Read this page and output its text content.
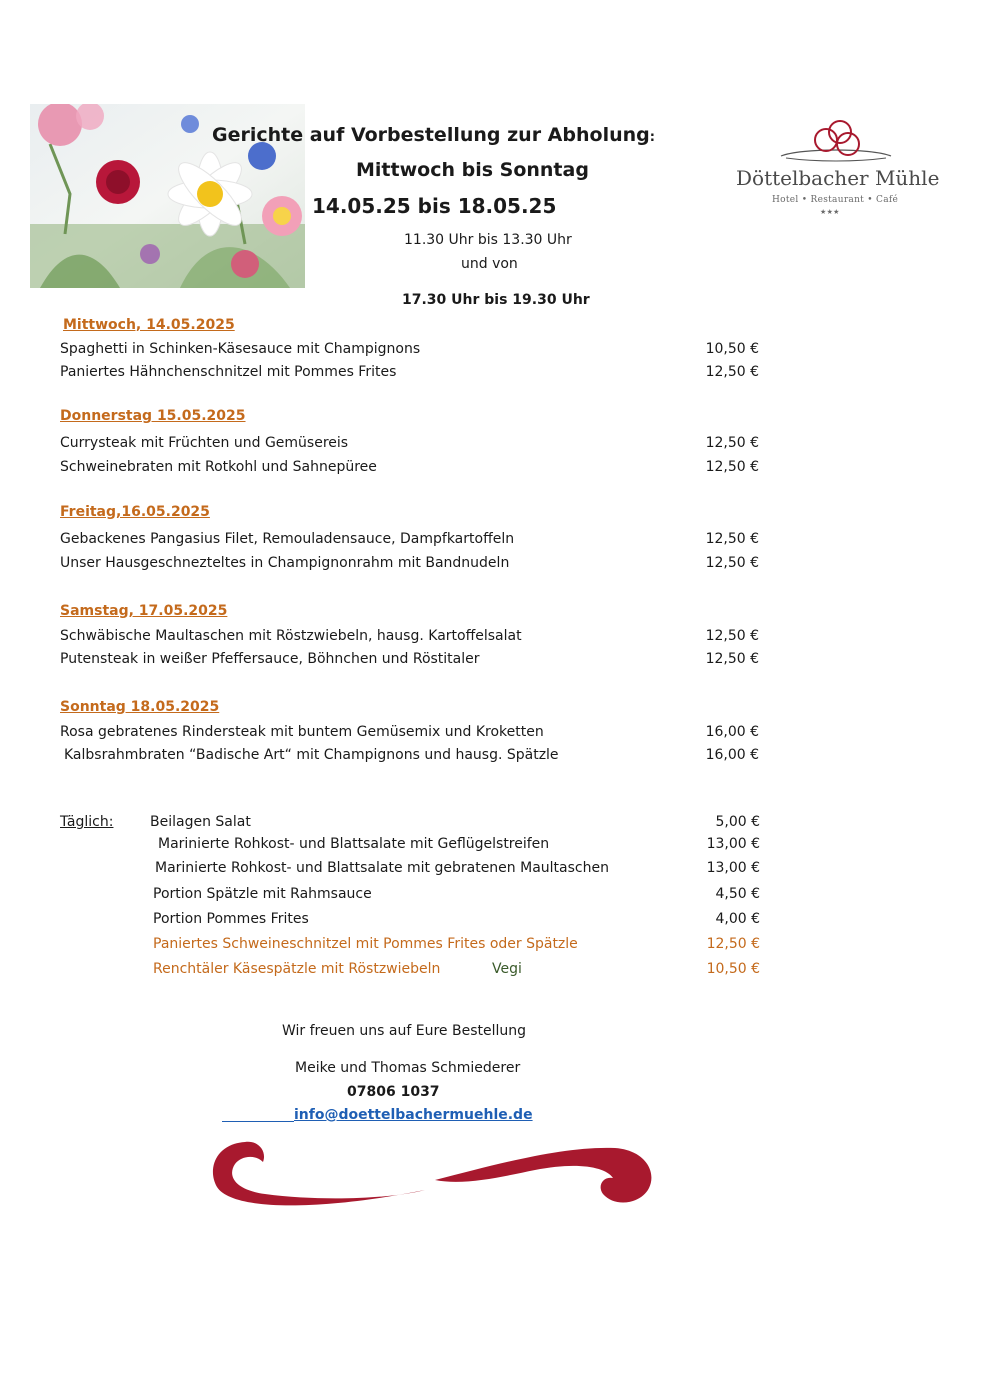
Gerichte auf Vorbestellung zur Abholung:
Mittwoch bis Sonntag
14.05.25 bis 18.05.25
11.30 Uhr bis 13.30 Uhr
und von
17.30 Uhr bis 19.30 Uhr
Döttelbacher Mühle
Hotel • Restaurant • Café
★★★
Mittwoch, 14.05.2025
Spaghetti in Schinken-Käsesauce mit Champignons	10,50 €
Paniertes Hähnchenschnitzel mit Pommes Frites	12,50 €
Donnerstag 15.05.2025
Currysteak mit Früchten und Gemüsereis	12,50 €
Schweinebraten mit Rotkohl und Sahnepüree	12,50 €
Freitag,16.05.2025
Gebackenes Pangasius Filet, Remouladensauce, Dampfkartoffeln	12,50 €
Unser Hausgeschnezteltes in Champignonrahm mit Bandnudeln	12,50 €
Samstag, 17.05.2025
Schwäbische Maultaschen mit Röstzwiebeln, hausg. Kartoffelsalat	12,50 €
Putensteak in weißer Pfeffersauce, Böhnchen und Röstitaler	12,50 €
Sonntag 18.05.2025
Rosa gebratenes Rindersteak mit buntem Gemüsemix und Kroketten	16,00 €
Kalbsrahmbraten “Badische Art“ mit Champignons und hausg. Spätzle	16,00 €
Täglich:	Beilagen Salat	5,00 €
Marinierte Rohkost- und Blattsalate mit Geflügelstreifen	13,00 €
Marinierte Rohkost- und Blattsalate mit gebratenen Maultaschen	13,00 €
Portion Spätzle mit Rahmsauce	4,50 €
Portion Pommes Frites	4,00 €
Paniertes Schweineschnitzel mit Pommes Frites oder Spätzle	12,50 €
Renchtäler Käsespätzle mit Röstzwiebeln	Vegi	10,50 €
Wir freuen uns auf Eure Bestellung
Meike und Thomas Schmiederer
07806 1037
info@doettelbachermuehle.de
